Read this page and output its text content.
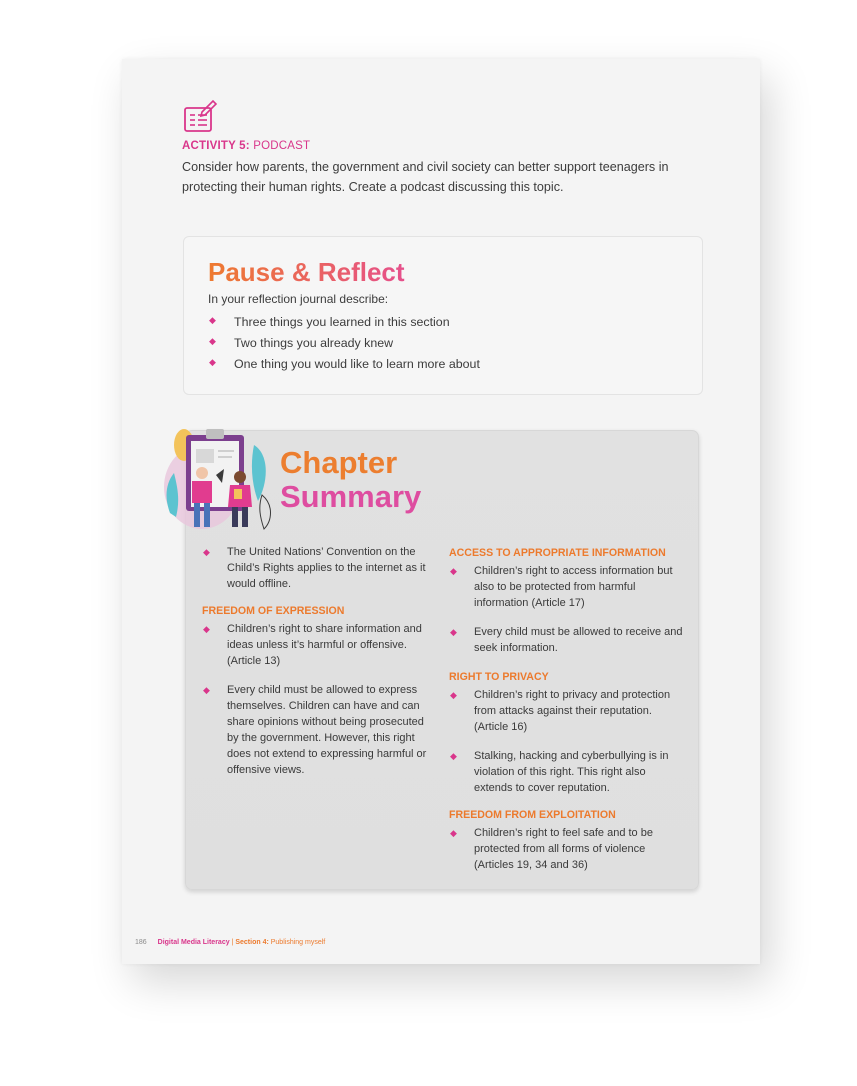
ACTIVITY 5: PODCAST
Consider how parents, the government and civil society can better support teenagers in protecting their human rights. Create a podcast discussing this topic.
Pause & Reflect
In your reflection journal describe:
◆ Three things you learned in this section
◆ Two things you already knew
◆ One thing you would like to learn more about
Chapter
Summary
◆ The United Nations’ Convention on the Child’s Rights applies to the internet as it would offline.
FREEDOM OF EXPRESSION
◆ Children’s right to share information and ideas unless it’s harmful or offensive. (Article 13)
◆ Every child must be allowed to express themselves. Children can have and can share opinions without being prosecuted by the government. However, this right does not extend to expressing harmful or offensive views.
ACCESS TO APPROPRIATE INFORMATION
◆ Children’s right to access information but also to be protected from harmful information (Article 17)
◆ Every child must be allowed to receive and seek information.
RIGHT TO PRIVACY
◆ Children’s right to privacy and protection from attacks against their reputation. (Article 16)
◆ Stalking, hacking and cyberbullying is in violation of this right. This right also extends to cover reputation.
FREEDOM FROM EXPLOITATION
◆ Children’s right to feel safe and to be protected from all forms of violence (Articles 19, 34 and 36)
186 Digital Media Literacy | Section 4: Publishing myself
